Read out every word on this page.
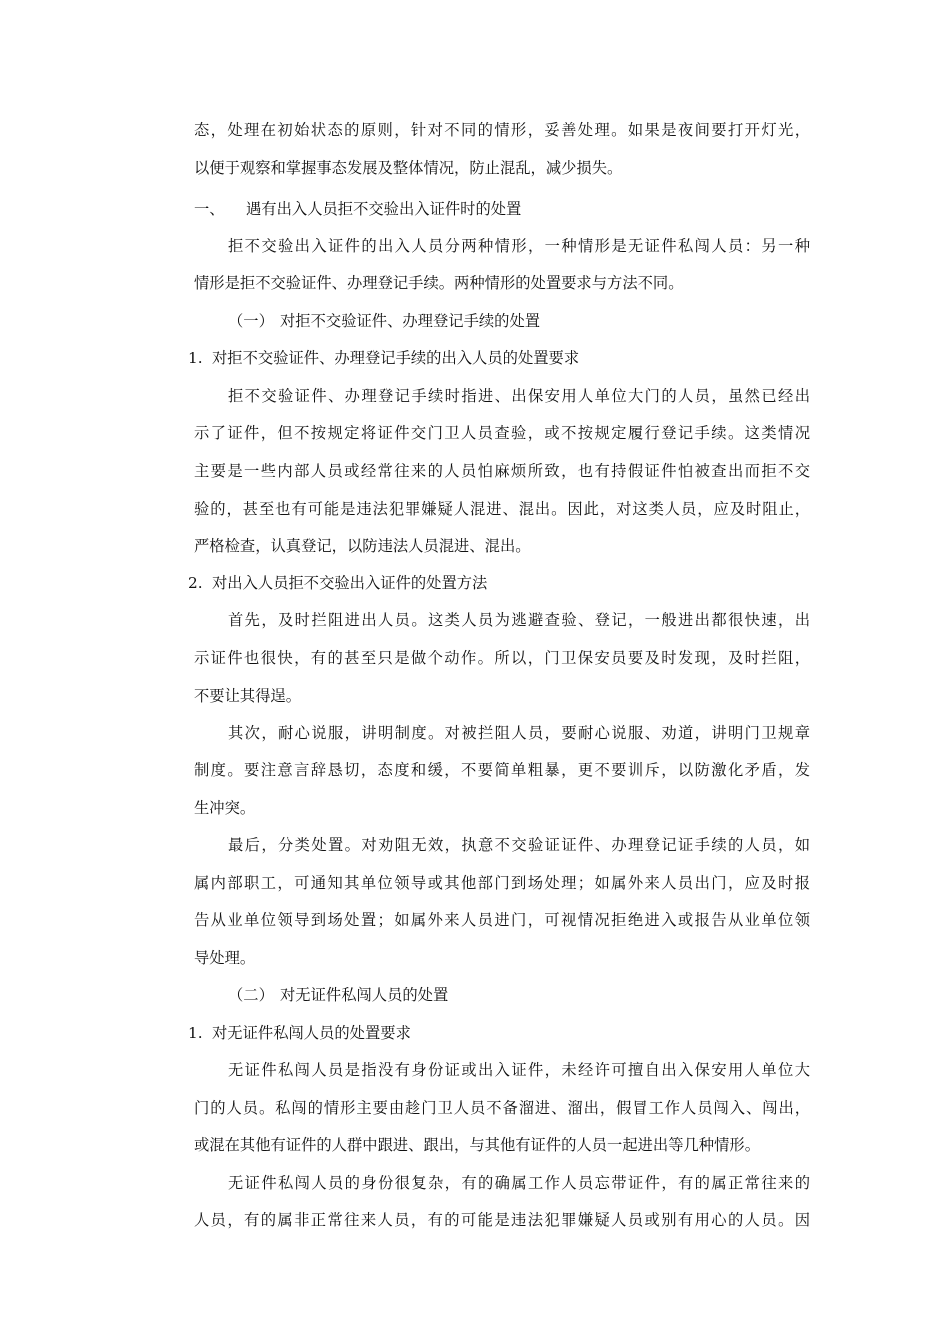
态，处理在初始状态的原则，针对不同的情形，妥善处理。如果是夜间要打开灯光，
以便于观察和掌握事态发展及整体情况，防止混乱，减少损失。
一、 遇有出入人员拒不交验出入证件时的处置
拒不交验出入证件的出入人员分两种情形，一种情形是无证件私闯人员：另一种
情形是拒不交验证件、办理登记手续。两种情形的处置要求与方法不同。
（一） 对拒不交验证件、办理登记手续的处置
1. 对拒不交验证件、办理登记手续的出入人员的处置要求
拒不交验证件、办理登记手续时指进、出保安用人单位大门的人员，虽然已经出
示了证件，但不按规定将证件交门卫人员查验，或不按规定履行登记手续。这类情况
主要是一些内部人员或经常往来的人员怕麻烦所致，也有持假证件怕被查出而拒不交
验的，甚至也有可能是违法犯罪嫌疑人混进、混出。因此，对这类人员，应及时阻止，
严格检查，认真登记，以防违法人员混进、混出。
2. 对出入人员拒不交验出入证件的处置方法
首先，及时拦阻进出人员。这类人员为逃避查验、登记，一般进出都很快速，出
示证件也很快，有的甚至只是做个动作。所以，门卫保安员要及时发现，及时拦阻，
不要让其得逞。
其次，耐心说服，讲明制度。对被拦阻人员，要耐心说服、劝道，讲明门卫规章
制度。要注意言辞恳切，态度和缓，不要简单粗暴，更不要训斥，以防激化矛盾，发
生冲突。
最后，分类处置。对劝阻无效，执意不交验证证件、办理登记证手续的人员，如
属内部职工，可通知其单位领导或其他部门到场处理；如属外来人员出门，应及时报
告从业单位领导到场处置；如属外来人员进门，可视情况拒绝进入或报告从业单位领
导处理。
（二） 对无证件私闯人员的处置
1. 对无证件私闯人员的处置要求
无证件私闯人员是指没有身份证或出入证件，未经许可擅自出入保安用人单位大
门的人员。私闯的情形主要由趁门卫人员不备溜进、溜出，假冒工作人员闯入、闯出，
或混在其他有证件的人群中跟进、跟出，与其他有证件的人员一起进出等几种情形。
无证件私闯人员的身份很复杂，有的确属工作人员忘带证件，有的属正常往来的
人员，有的属非正常往来人员，有的可能是违法犯罪嫌疑人员或别有用心的人员。因
